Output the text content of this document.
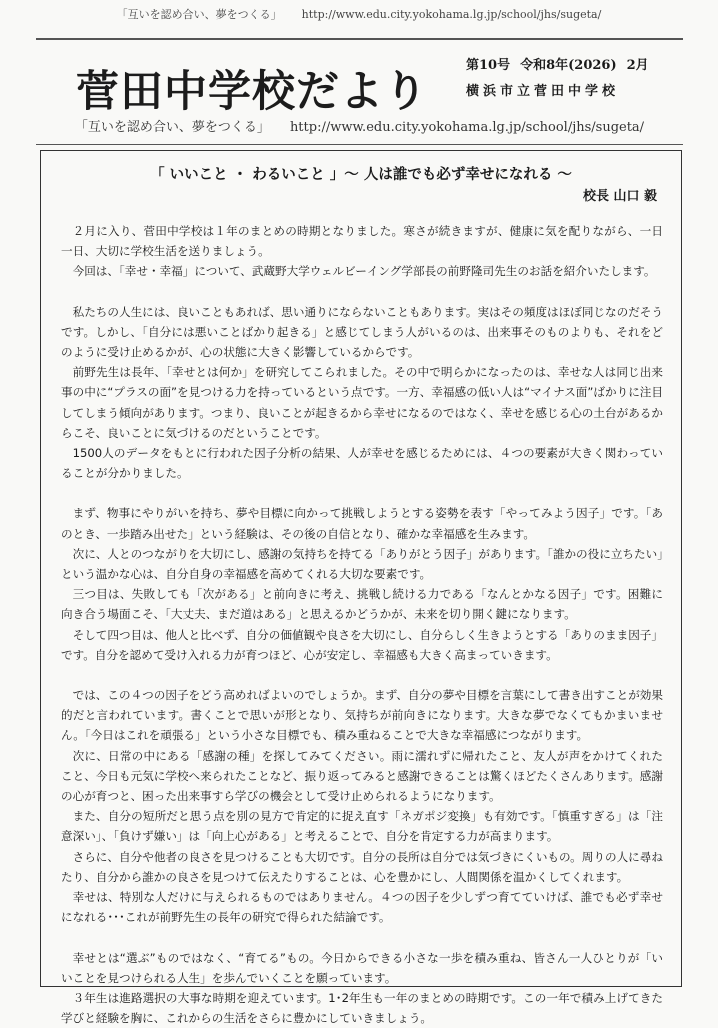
「互いを認め合い、夢をつくる」 http://www.edu.city.yokohama.lg.jp/school/jhs/sugeta/
菅田中学校だより
第10号 令和8年(2026) 2月
横浜市立菅田中学校
「互いを認め合い、夢をつくる」 http://www.edu.city.yokohama.lg.jp/school/jhs/sugeta/
「 いいこと ・ わるいこと 」～ 人は誰でも必ず幸せになれる ～
校長 山口 毅

２月に入り、菅田中学校は１年のまとめの時期となりました。寒さが続きますが、健康に気を配りながら、一日一日、大切に学校生活を送りましょう。

今回は、「幸せ・幸福」について、武蔵野大学ウェルビーイング学部長の前野隆司先生のお話を紹介いたします。

私たちの人生には、良いこともあれば、思い通りにならないこともあります。実はその頻度はほぼ同じなのだそうです。しかし、「自分には悪いことばかり起きる」と感じてしまう人がいるのは、出来事そのものよりも、それをどのように受け止めるかが、心の状態に大きく影響しているからです。

前野先生は長年、「幸せとは何か」を研究してこられました。その中で明らかになったのは、幸せな人は同じ出来事の中に“プラスの面”を見つける力を持っているという点です。一方、幸福感の低い人は“マイナス面”ばかりに注目してしまう傾向があります。つまり、良いことが起きるから幸せになるのではなく、幸せを感じる心の土台があるからこそ、良いことに気づけるのだということです。

1500人のデータをもとに行われた因子分析の結果、人が幸せを感じるためには、４つの要素が大きく関わっていることが分かりました。

まず、物事にやりがいを持ち、夢や目標に向かって挑戦しようとする姿勢を表す「やってみよう因子」です。「あのとき、一歩踏み出せた」という経験は、その後の自信となり、確かな幸福感を生みます。

次に、人とのつながりを大切にし、感謝の気持ちを持てる「ありがとう因子」があります。「誰かの役に立ちたい」という温かな心は、自分自身の幸福感を高めてくれる大切な要素です。

三つ目は、失敗しても「次がある」と前向きに考え、挑戦し続ける力である「なんとかなる因子」です。困難に向き合う場面こそ、「大丈夫、まだ道はある」と思えるかどうかが、未来を切り開く鍵になります。

そして四つ目は、他人と比べず、自分の価値観や良さを大切にし、自分らしく生きようとする「ありのまま因子」です。自分を認めて受け入れる力が育つほど、心が安定し、幸福感も大きく高まっていきます。

では、この４つの因子をどう高めればよいのでしょうか。まず、自分の夢や目標を言葉にして書き出すことが効果的だと言われています。書くことで思いが形となり、気持ちが前向きになります。大きな夢でなくてもかまいません。「今日はこれを頑張る」という小さな目標でも、積み重ねることで大きな幸福感につながります。

次に、日常の中にある「感謝の種」を探してみてください。雨に濡れずに帰れたこと、友人が声をかけてくれたこと、今日も元気に学校へ来られたことなど、振り返ってみると感謝できることは驚くほどたくさんあります。感謝の心が育つと、困った出来事すら学びの機会として受け止められるようになります。

また、自分の短所だと思う点を別の見方で肯定的に捉え直す「ネガポジ変換」も有効です。「慎重すぎる」は「注意深い」、「負けず嫌い」は「向上心がある」と考えることで、自分を肯定する力が高まります。

さらに、自分や他者の良さを見つけることも大切です。自分の長所は自分では気づきにくいもの。周りの人に尋ねたり、自分から誰かの良さを見つけて伝えたりすることは、心を豊かにし、人間関係を温かくしてくれます。

幸せは、特別な人だけに与えられるものではありません。４つの因子を少しずつ育てていけば、誰でも必ず幸せになれる･･･これが前野先生の長年の研究で得られた結論です。

幸せとは“選ぶ”ものではなく、“育てる”もの。今日からできる小さな一歩を積み重ね、皆さん一人ひとりが「いいことを見つけられる人生」を歩んでいくことを願っています。

３年生は進路選択の大事な時期を迎えています。1･2年生も一年のまとめの時期です。この一年で積み上げてきた学びと経験を胸に、これからの生活をさらに豊かにしていきましょう。
